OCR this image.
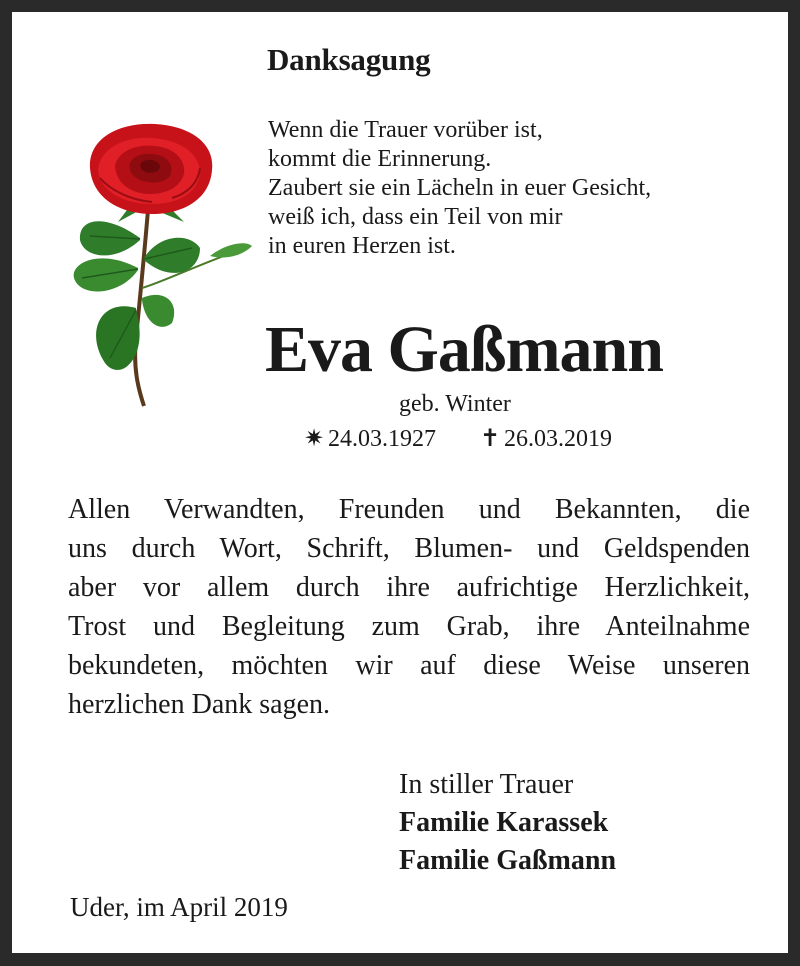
Danksagung
Wenn die Trauer vorüber ist,
kommt die Erinnerung.
Zaubert sie ein Lächeln in euer Gesicht,
weiß ich, dass ein Teil von mir
in euren Herzen ist.
Eva Gaßmann
geb. Winter
✷ 24.03.1927 ✝ 26.03.2019
Allen Verwandten, Freunden und Bekannten, die
uns durch Wort, Schrift, Blumen- und Geldspenden
aber vor allem durch ihre aufrichtige Herzlichkeit,
Trost und Begleitung zum Grab, ihre Anteilnahme
bekundeten, möchten wir auf diese Weise unseren
herzlichen Dank sagen.
In stiller Trauer
Familie Karassek
Familie Gaßmann
Uder, im April 2019
